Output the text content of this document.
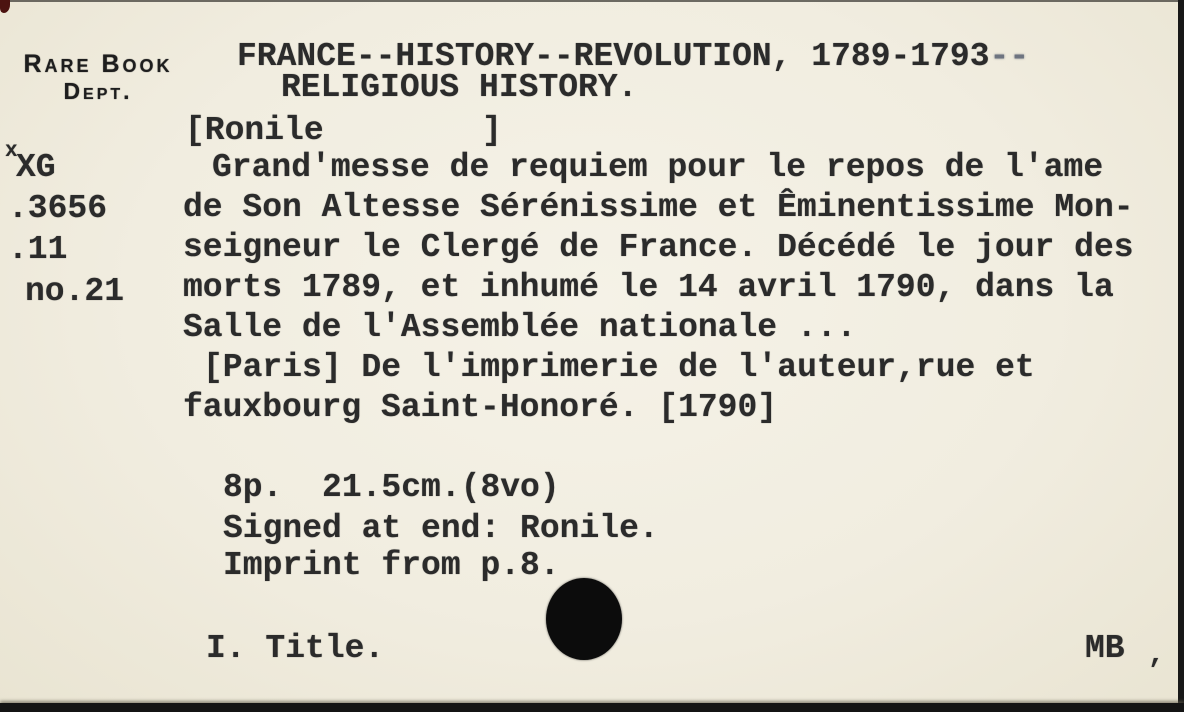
Rare Book
Dept.
FRANCE--HISTORY--REVOLUTION, 1789-1793--
RELIGIOUS HISTORY.
[Ronile        ]
x
XG
.3656
.11
no.21
Grand'messe de requiem pour le repos de l'ame
de Son Altesse Sérénissime et Êminentissime Mon-
seigneur le Clergé de France. Décédé le jour des
morts 1789, et inhumé le 14 avril 1790, dans la
Salle de l'Assemblée nationale ...
[Paris] De l'imprimerie de l'auteur,rue et
fauxbourg Saint-Honoré. [1790]
8p.  21.5cm.(8vo)
Signed at end: Ronile.
Imprint from p.8.
I. Title.	MB ,
